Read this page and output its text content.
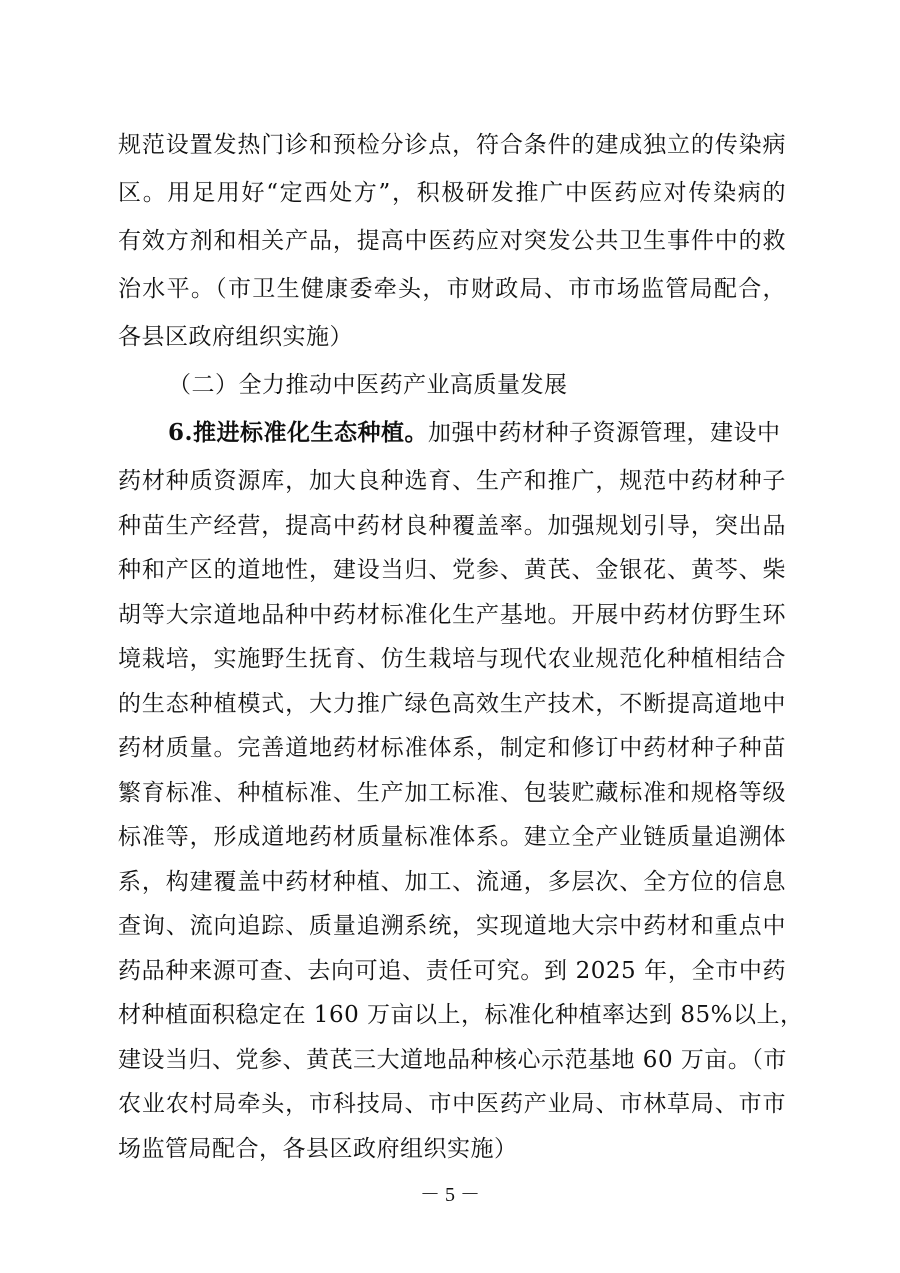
规范设置发热门诊和预检分诊点，符合条件的建成独立的传染病
区。用足用好“定西处方”，积极研发推广中医药应对传染病的
有效方剂和相关产品，提高中医药应对突发公共卫生事件中的救
治水平。（市卫生健康委牵头，市财政局、市市场监管局配合，
各县区政府组织实施）
（二）全力推动中医药产业高质量发展
6.推进标准化生态种植。加强中药材种子资源管理，建设中
药材种质资源库，加大良种选育、生产和推广，规范中药材种子
种苗生产经营，提高中药材良种覆盖率。加强规划引导，突出品
种和产区的道地性，建设当归、党参、黄芪、金银花、黄芩、柴
胡等大宗道地品种中药材标准化生产基地。开展中药材仿野生环
境栽培，实施野生抚育、仿生栽培与现代农业规范化种植相结合
的生态种植模式，大力推广绿色高效生产技术，不断提高道地中
药材质量。完善道地药材标准体系，制定和修订中药材种子种苗
繁育标准、种植标准、生产加工标准、包装贮藏标准和规格等级
标准等，形成道地药材质量标准体系。建立全产业链质量追溯体
系，构建覆盖中药材种植、加工、流通，多层次、全方位的信息
查询、流向追踪、质量追溯系统，实现道地大宗中药材和重点中
药品种来源可查、去向可追、责任可究。到 2025 年，全市中药
材种植面积稳定在 160 万亩以上，标准化种植率达到 85%以上，
建设当归、党参、黄芪三大道地品种核心示范基地 60 万亩。（市
农业农村局牵头，市科技局、市中医药产业局、市林草局、市市
场监管局配合，各县区政府组织实施）
－ 5 －
